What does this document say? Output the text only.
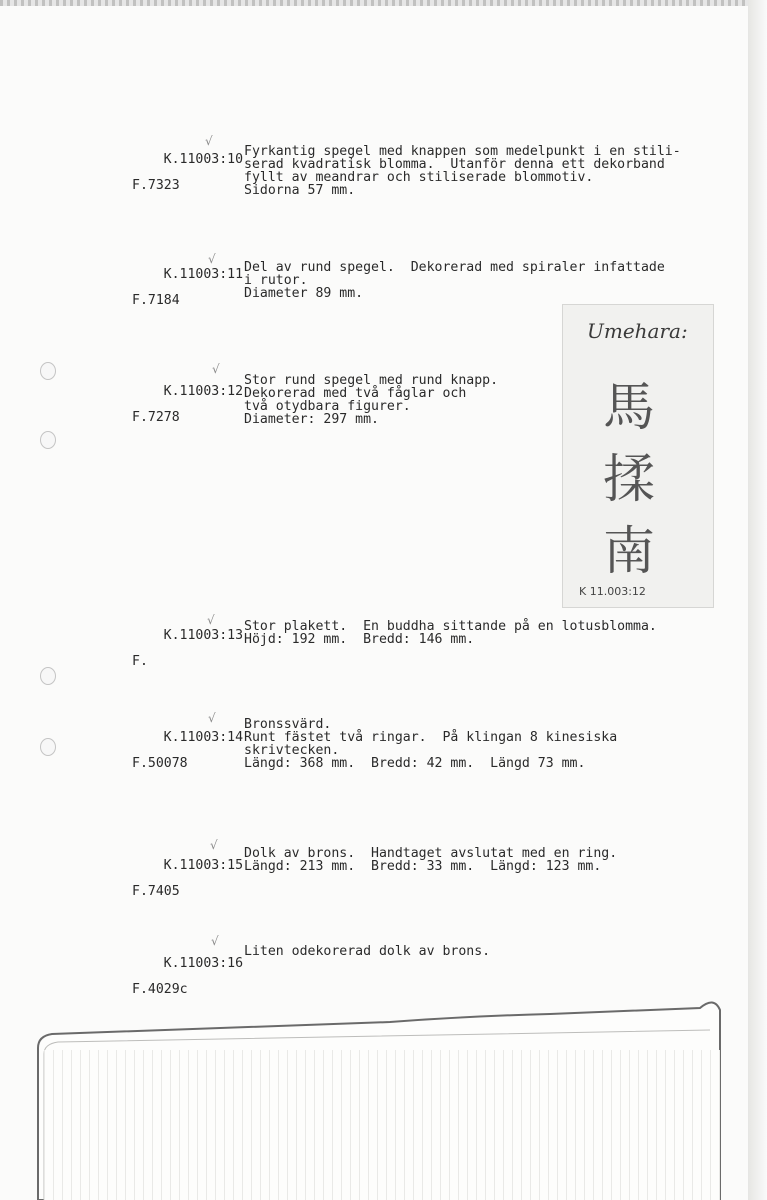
K.11003:10

F.7323

√
Fyrkantig spegel med knappen som medelpunkt i en stili-
serad kvadratisk blomma.  Utanför denna ett dekorband
fyllt av meandrar och stiliserade blommotiv.
Sidorna 57 mm.

K.11003:11

F.7184

√
Del av rund spegel.  Dekorerad med spiraler infattade
i rutor.
Diameter 89 mm.

K.11003:12

F.7278

√
Stor rund spegel med rund knapp.
Dekorerad med två fåglar och
två otydbara figurer.
Diameter: 297 mm.
Umehara:
馬
揉
南
K 11.003:12

K.11003:13

F.

√ Stor plakett.  En buddha sittande på en lotusblomma.
Höjd: 192 mm.  Bredd: 146 mm.

K.11003:14

F.50078

√ Bronssvärd.
Runt fästet två ringar.  På klingan 8 kinesiska
skrivtecken.
Längd: 368 mm.  Bredd: 42 mm.  Längd 73 mm.

K.11003:15

F.7405

√
Dolk av brons.  Handtaget avslutat med en ring.
Längd: 213 mm.  Bredd: 33 mm.  Längd: 123 mm.

K.11003:16

F.4029c

√
Liten odekorerad dolk av brons.
